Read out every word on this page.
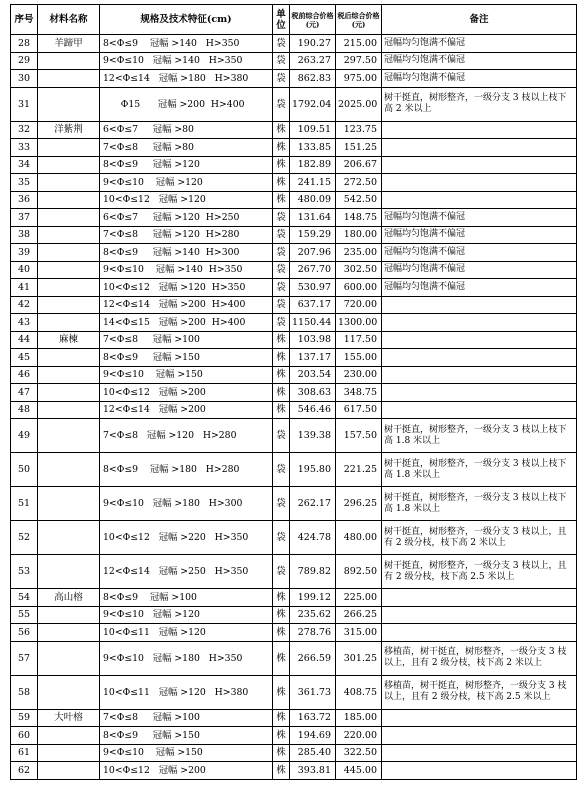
序号	材料名称	规格及技术特征(cm)	单位	税前综合价格(元)	税后综合价格(元)	备注
28	羊蹄甲	8<Φ≤9    冠幅 >140   H>350	袋	190.27	215.00	冠幅均匀饱满不偏冠
29		9<Φ≤10   冠幅 >140   H>350	袋	263.27	297.50	冠幅均匀饱满不偏冠
30		12<Φ≤14   冠幅 >180   H>380	袋	862.83	975.00	冠幅均匀饱满不偏冠
31		Φ15      冠幅 >200  H>400	袋	1792.04	2025.00	树干挺直，树形整齐，一级分支 3 枝以上枝下高 2 米以上
32	洋紫荆	6<Φ≤7     冠幅 >80	株	109.51	123.75	
33		7<Φ≤8     冠幅 >80	株	133.85	151.25	
34		8<Φ≤9     冠幅 >120	株	182.89	206.67	
35		9<Φ≤10    冠幅 >120	株	241.15	272.50	
36		10<Φ≤12   冠幅 >120	株	480.09	542.50	
37		6<Φ≤7     冠幅 >120  H>250	袋	131.64	148.75	冠幅均匀饱满不偏冠
38		7<Φ≤8     冠幅 >120  H>280	袋	159.29	180.00	冠幅均匀饱满不偏冠
39		8<Φ≤9     冠幅 >140  H>300	袋	207.96	235.00	冠幅均匀饱满不偏冠
40		9<Φ≤10    冠幅 >140  H>350	袋	267.70	302.50	冠幅均匀饱满不偏冠
41		10<Φ≤12   冠幅 >120  H>350	袋	530.97	600.00	冠幅均匀饱满不偏冠
42		12<Φ≤14   冠幅 >200  H>400	袋	637.17	720.00	
43		14<Φ≤15   冠幅 >200  H>400	袋	1150.44	1300.00	
44	麻楝	7<Φ≤8     冠幅 >100	株	103.98	117.50	
45		8<Φ≤9     冠幅 >150	株	137.17	155.00	
46		9<Φ≤10    冠幅 >150	株	203.54	230.00	
47		10<Φ≤12   冠幅 >200	株	308.63	348.75	
48		12<Φ≤14   冠幅 >200	株	546.46	617.50	
49		7<Φ≤8   冠幅 >120   H>280	袋	139.38	157.50	树干挺直，树形整齐，一级分支 3 枝以上枝下高 1.8 米以上
50		8<Φ≤9    冠幅 >180   H>280	袋	195.80	221.25	树干挺直，树形整齐，一级分支 3 枝以上枝下高 1.8 米以上
51		9<Φ≤10   冠幅 >180   H>300	袋	262.17	296.25	树干挺直，树形整齐，一级分支 3 枝以上枝下高 1.8 米以上
52		10<Φ≤12   冠幅 >220   H>350	袋	424.78	480.00	树干挺直，树形整齐，一级分支 3 枝以上，且有 2 级分枝，枝下高 2 米以上
53		12<Φ≤14   冠幅 >250   H>350	袋	789.82	892.50	树干挺直，树形整齐，一级分支 3 枝以上，且有 2 级分枝，枝下高 2.5 米以上
54	高山榕	8<Φ≤9    冠幅 >100	株	199.12	225.00	
55		9<Φ≤10   冠幅 >120	株	235.62	266.25	
56		10<Φ≤11   冠幅 >120	株	278.76	315.00	
57		9<Φ≤10   冠幅 >180   H>350	株	266.59	301.25	移植苗，树干挺直，树形整齐，一级分支 3 枝以上，且有 2 级分枝，枝下高 2 米以上
58		10<Φ≤11   冠幅 >120   H>380	株	361.73	408.75	移植苗，树干挺直，树形整齐，一级分支 3 枝以上，且有 2 级分枝，枝下高 2.5 米以上
59	大叶榕	7<Φ≤8     冠幅 >100	株	163.72	185.00	
60		8<Φ≤9     冠幅 >150	株	194.69	220.00	
61		9<Φ≤10    冠幅 >150	株	285.40	322.50	
62		10<Φ≤12   冠幅 >200	株	393.81	445.00	
